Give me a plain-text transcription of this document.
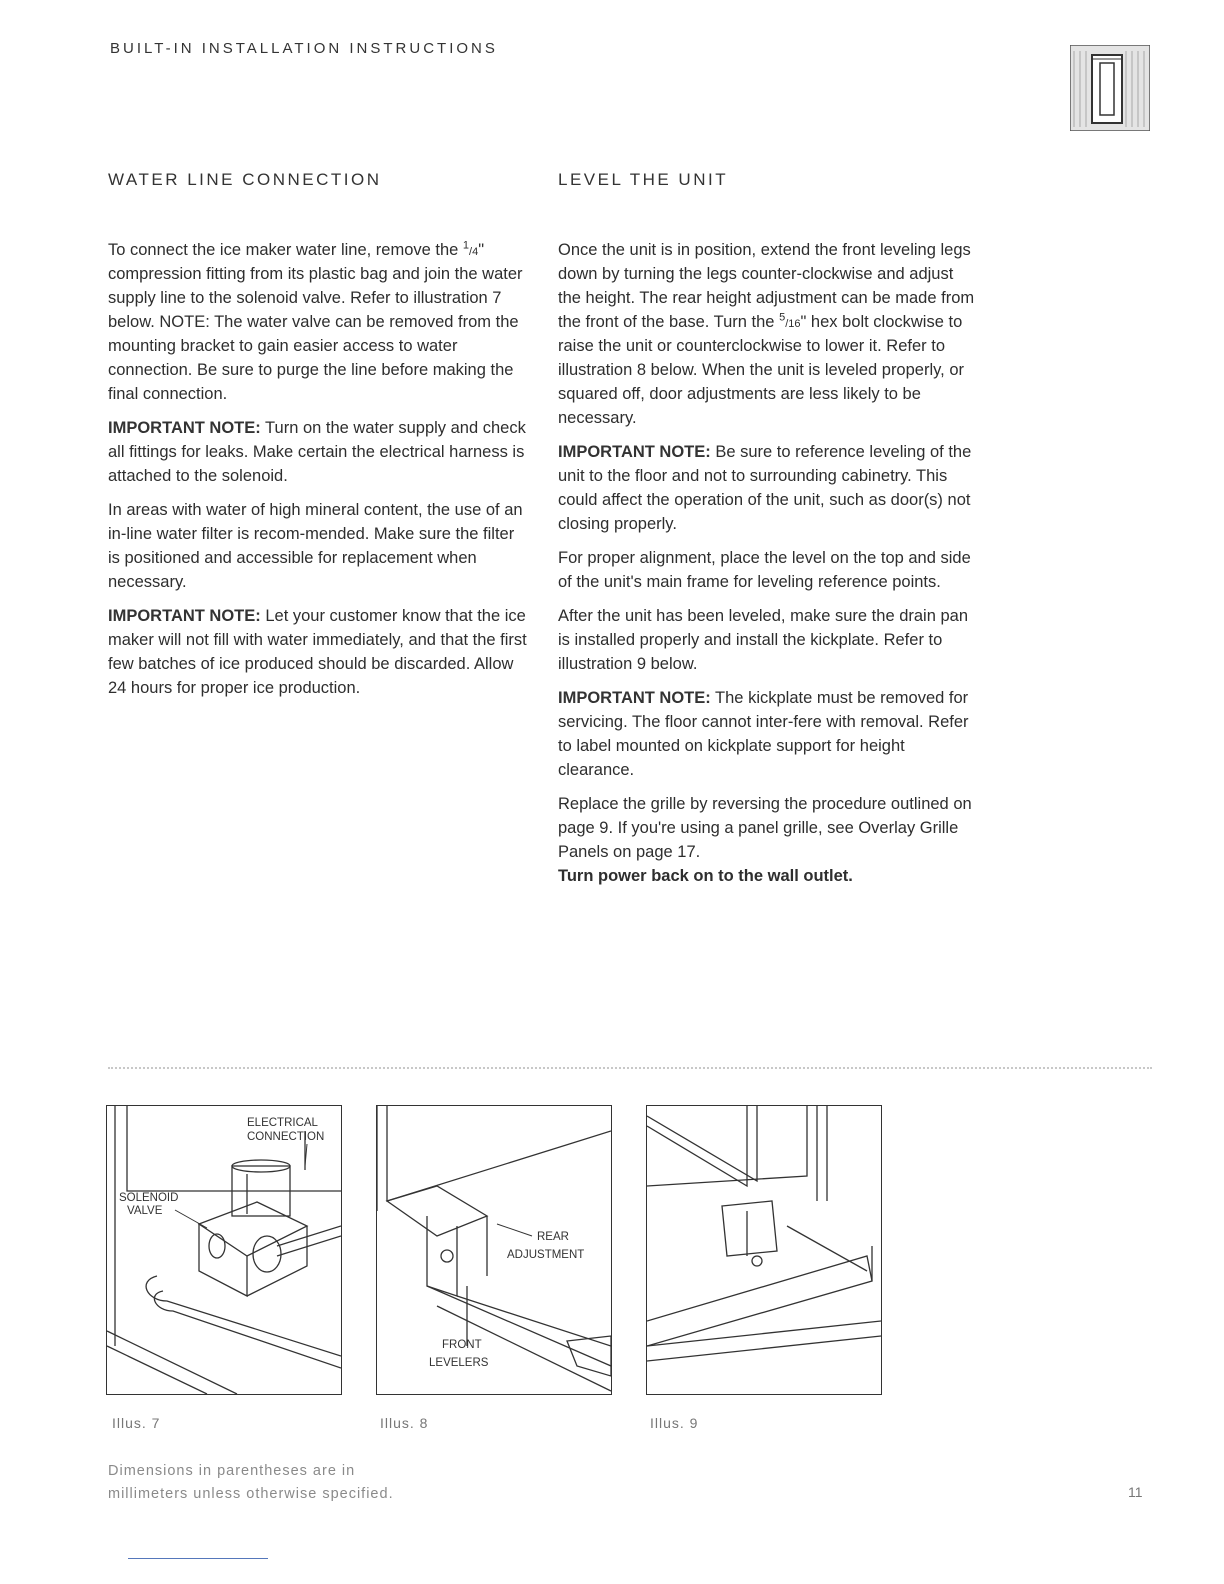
BUILT-IN INSTALLATION INSTRUCTIONS
WATER LINE CONNECTION

To connect the ice maker water line, remove the $^1$/4" compression fitting from its plastic bag and join the water supply line to the solenoid valve. Refer to illustration 7 below. NOTE: The water valve can be removed from the mounting bracket to gain easier access to water connection. Be sure to purge the line before making the final connection.

IMPORTANT NOTE: Turn on the water supply and check all fittings for leaks. Make certain the electrical harness is attached to the solenoid.

In areas with water of high mineral content, the use of an in-line water filter is recom-mended. Make sure the filter is positioned and accessible for replacement when necessary.

IMPORTANT NOTE: Let your customer know that the ice maker will not fill with water immediately, and that the first few batches of ice produced should be discarded. Allow 24 hours for proper ice production.

LEVEL THE UNIT

Once the unit is in position, extend the front leveling legs down by turning the legs counter-clockwise and adjust the height. The rear height adjustment can be made from the front of the base. Turn the $^5$/16" hex bolt clockwise to raise the unit or counterclockwise to lower it. Refer to illustration 8 below. When the unit is leveled properly, or squared off, door adjustments are less likely to be necessary.

IMPORTANT NOTE: Be sure to reference leveling of the unit to the floor and not to surrounding cabinetry. This could affect the operation of the unit, such as door(s) not closing properly.

For proper alignment, place the level on the top and side of the unit's main frame for leveling reference points.

After the unit has been leveled, make sure the drain pan is installed properly and install the kickplate. Refer to illustration 9 below.

IMPORTANT NOTE: The kickplate must be removed for servicing. The floor cannot inter-fere with removal. Refer to label mounted on kickplate support for height clearance.

Replace the grille by reversing the procedure outlined on page 9. If you're using a panel grille, see Overlay Grille Panels on page 17.
Turn power back on to the wall outlet.

ELECTRICAL
CONNECTION
SOLENOID
VALVE
REAR
ADJUSTMENT
FRONT
LEVELERS
Illus. 7	Illus. 8	Illus. 9
Dimensions in parentheses are in
millimeters unless otherwise specified.	11
